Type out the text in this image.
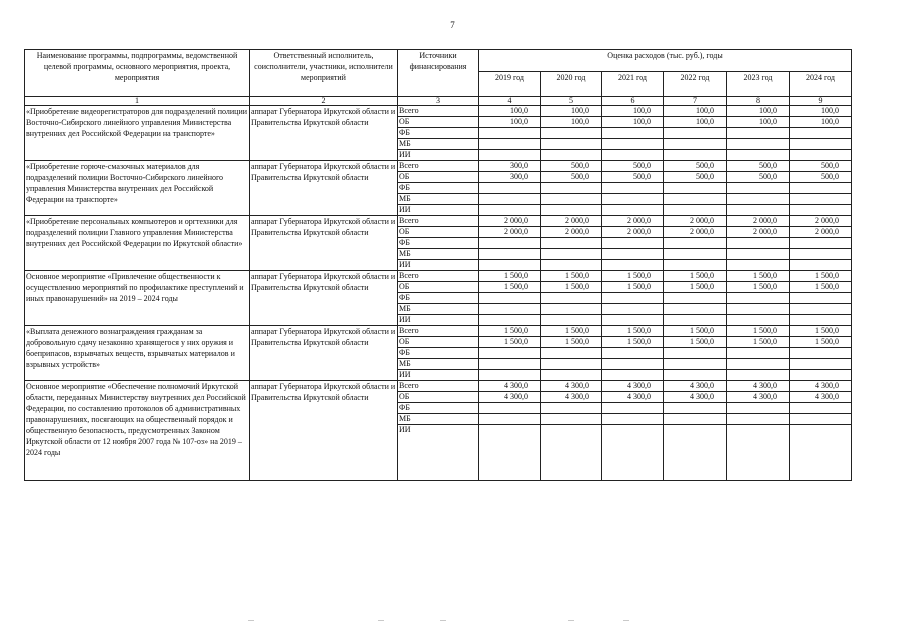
7
Наименование программы, подпрограммы, ведомственной целевой программы, основного мероприятия, проекта, мероприятия	Ответственный исполнитель, соисполнители, участники, исполнители мероприятий	Источники финансирования	Оценка расходов (тыс. руб.), годы					
			2019 год	2020 год	2021 год	2022 год	2023 год	2024 год
1	2	3	4	5	6	7	8	9
«Приобретение видеорегистраторов для подразделений полиции Восточно-Сибирского линейного управления Министерства внутренних дел Российской Федерации на транспорте»	аппарат Губернатора Иркутской области и Правительства Иркутской области	Всего	100,0	100,0	100,0	100,0	100,0	100,0
		ОБ	100,0	100,0	100,0	100,0	100,0	100,0
		ФБ						
		МБ						
		ИИ						
«Приобретение горюче-смазочных материалов для подразделений полиции Восточно-Сибирского линейного управления Министерства внутренних дел Российской Федерации на транспорте»	аппарат Губернатора Иркутской области и Правительства Иркутской области	Всего	300,0	500,0	500,0	500,0	500,0	500,0
		ОБ	300,0	500,0	500,0	500,0	500,0	500,0
		ФБ						
		МБ						
		ИИ						
«Приобретение персональных компьютеров и оргтехники для подразделений полиции Главного управления Министерства внутренних дел Российской Федерации по Иркутской области»	аппарат Губернатора Иркутской области и Правительства Иркутской области	Всего	2 000,0	2 000,0	2 000,0	2 000,0	2 000,0	2 000,0
		ОБ	2 000,0	2 000,0	2 000,0	2 000,0	2 000,0	2 000,0
		ФБ						
		МБ						
		ИИ						
Основное мероприятие «Привлечение общественности к осуществлению мероприятий по профилактике преступлений и иных правонарушений» на 2019 – 2024 годы	аппарат Губернатора Иркутской области и Правительства Иркутской области	Всего	1 500,0	1 500,0	1 500,0	1 500,0	1 500,0	1 500,0
		ОБ	1 500,0	1 500,0	1 500,0	1 500,0	1 500,0	1 500,0
		ФБ						
		МБ						
		ИИ						
«Выплата денежного вознаграждения гражданам за добровольную сдачу незаконно хранящегося у них оружия и боеприпасов, взрывчатых веществ, взрывчатых материалов и взрывных устройств»	аппарат Губернатора Иркутской области и Правительства Иркутской области	Всего	1 500,0	1 500,0	1 500,0	1 500,0	1 500,0	1 500,0
		ОБ	1 500,0	1 500,0	1 500,0	1 500,0	1 500,0	1 500,0
		ФБ						
		МБ						
		ИИ						
Основное мероприятие «Обеспечение полномочий Иркутской области, переданных Министерству внутренних дел Российской Федерации, по составлению протоколов об административных правонарушениях, посягающих на общественный порядок и общественную безопасность, предусмотренных Законом Иркутской области от 12 ноября 2007 года № 107-оз» на 2019 – 2024 годы	аппарат Губернатора Иркутской области и Правительства Иркутской области	Всего	4 300,0	4 300,0	4 300,0	4 300,0	4 300,0	4 300,0
		ОБ	4 300,0	4 300,0	4 300,0	4 300,0	4 300,0	4 300,0
		ФБ						
		МБ						
		ИИ						
